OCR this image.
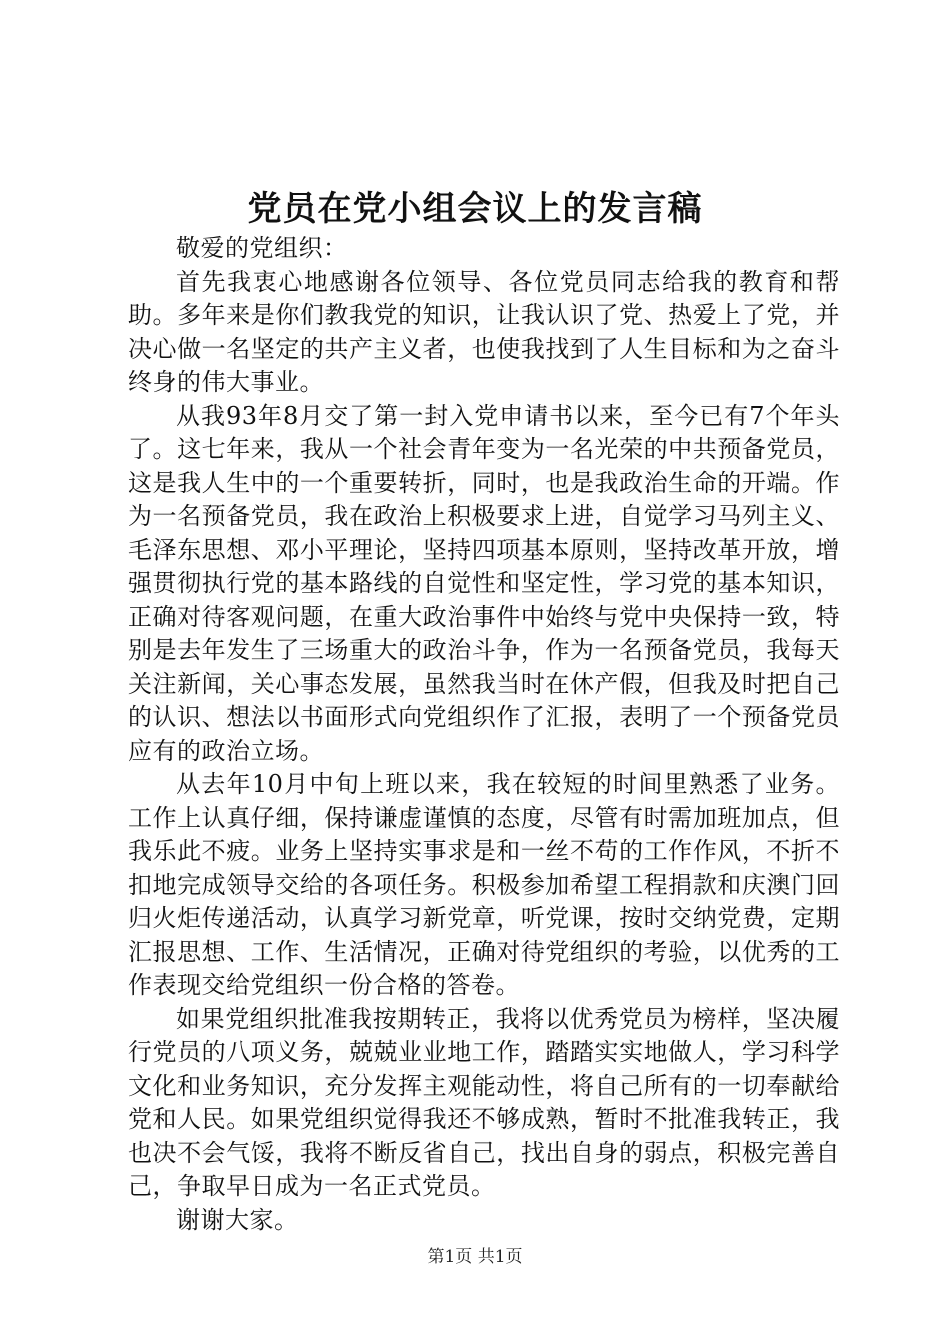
党员在党小组会议上的发言稿

敬爱的党组织：

首先我衷心地感谢各位领导、各位党员同志给我的教育和帮助。多年来是你们教我党的知识，让我认识了党、热爱上了党，并决心做一名坚定的共产主义者，也使我找到了人生目标和为之奋斗终身的伟大事业。

从我93年8月交了第一封入党申请书以来，至今已有7个年头了。这七年来，我从一个社会青年变为一名光荣的中共预备党员，这是我人生中的一个重要转折，同时，也是我政治生命的开端。作为一名预备党员，我在政治上积极要求上进，自觉学习马列主义、毛泽东思想、邓小平理论，坚持四项基本原则，坚持改革开放，增强贯彻执行党的基本路线的自觉性和坚定性，学习党的基本知识，正确对待客观问题，在重大政治事件中始终与党中央保持一致，特别是去年发生了三场重大的政治斗争，作为一名预备党员，我每天关注新闻，关心事态发展，虽然我当时在休产假，但我及时把自己的认识、想法以书面形式向党组织作了汇报，表明了一个预备党员应有的政治立场。

从去年10月中旬上班以来，我在较短的时间里熟悉了业务。工作上认真仔细，保持谦虚谨慎的态度，尽管有时需加班加点，但我乐此不疲。业务上坚持实事求是和一丝不苟的工作作风，不折不扣地完成领导交给的各项任务。积极参加希望工程捐款和庆澳门回归火炬传递活动，认真学习新党章，听党课，按时交纳党费，定期汇报思想、工作、生活情况，正确对待党组织的考验，以优秀的工作表现交给党组织一份合格的答卷。

如果党组织批准我按期转正，我将以优秀党员为榜样，坚决履行党员的八项义务，兢兢业业地工作，踏踏实实地做人，学习科学文化和业务知识，充分发挥主观能动性，将自己所有的一切奉献给党和人民。如果党组织觉得我还不够成熟，暂时不批准我转正，我也决不会气馁，我将不断反省自己，找出自身的弱点，积极完善自己，争取早日成为一名正式党员。

谢谢大家。

第1页 共1页
